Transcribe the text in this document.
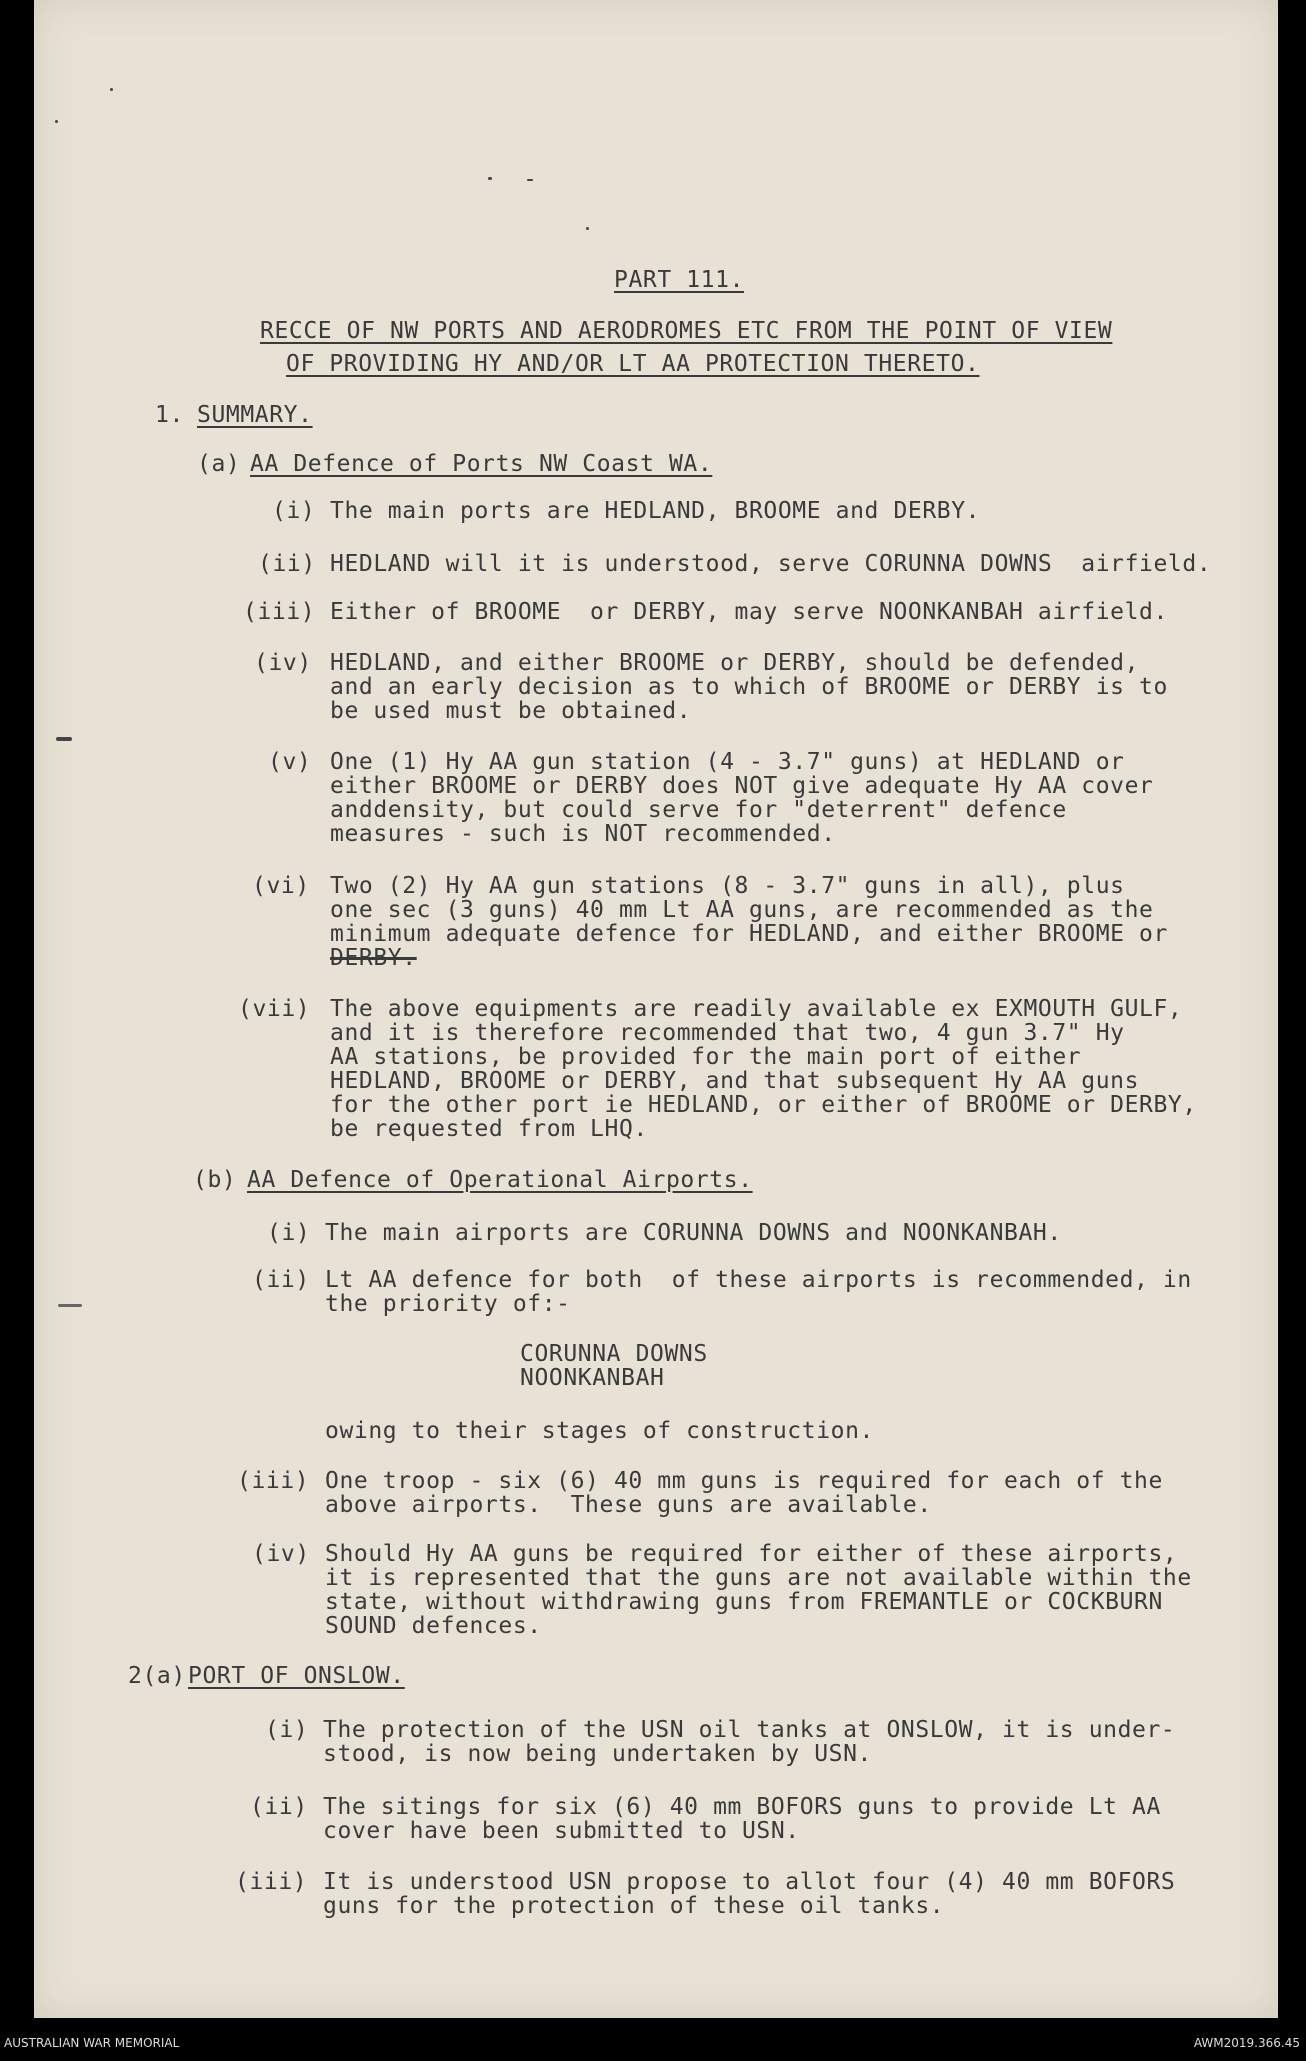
PART 111.
RECCE OF NW PORTS AND AERODROMES ETC FROM THE POINT OF VIEW
OF PROVIDING HY AND/OR LT AA PROTECTION THERETO.
1. SUMMARY.
(a) AA Defence of Ports NW Coast WA.
(i) The main ports are HEDLAND, BROOME and DERBY.
(ii) HEDLAND will it is understood, serve CORUNNA DOWNS  airfield.
(iii) Either of BROOME  or DERBY, may serve NOONKANBAH airfield.
(iv) HEDLAND, and either BROOME or DERBY, should be defended,
and an early decision as to which of BROOME or DERBY is to
be used must be obtained.
(v) One (1) Hy AA gun station (4 - 3.7" guns) at HEDLAND or
either BROOME or DERBY does NOT give adequate Hy AA cover
anddensity, but could serve for "deterrent" defence
measures - such is NOT recommended.
(vi) Two (2) Hy AA gun stations (8 - 3.7" guns in all), plus
one sec (3 guns) 40 mm Lt AA guns, are recommended as the
minimum adequate defence for HEDLAND, and either BROOME or
DERBY.
(vii) The above equipments are readily available ex EXMOUTH GULF,
and it is therefore recommended that two, 4 gun 3.7" Hy
AA stations, be provided for the main port of either
HEDLAND, BROOME or DERBY, and that subsequent Hy AA guns
for the other port ie HEDLAND, or either of BROOME or DERBY,
be requested from LHQ.
(b) AA Defence of Operational Airports.
(i) The main airports are CORUNNA DOWNS and NOONKANBAH.
(ii) Lt AA defence for both  of these airports is recommended, in
the priority of:-
CORUNNA DOWNS
NOONKANBAH
owing to their stages of construction.
(iii) One troop - six (6) 40 mm guns is required for each of the
above airports.  These guns are available.
(iv) Should Hy AA guns be required for either of these airports,
it is represented that the guns are not available within the
state, without withdrawing guns from FREMANTLE or COCKBURN
SOUND defences.
2(a) PORT OF ONSLOW.
(i) The protection of the USN oil tanks at ONSLOW, it is under-
stood, is now being undertaken by USN.
(ii) The sitings for six (6) 40 mm BOFORS guns to provide Lt AA
cover have been submitted to USN.
(iii) It is understood USN propose to allot four (4) 40 mm BOFORS
guns for the protection of these oil tanks.
AUSTRALIAN WAR MEMORIAL	AWM2019.366.45
